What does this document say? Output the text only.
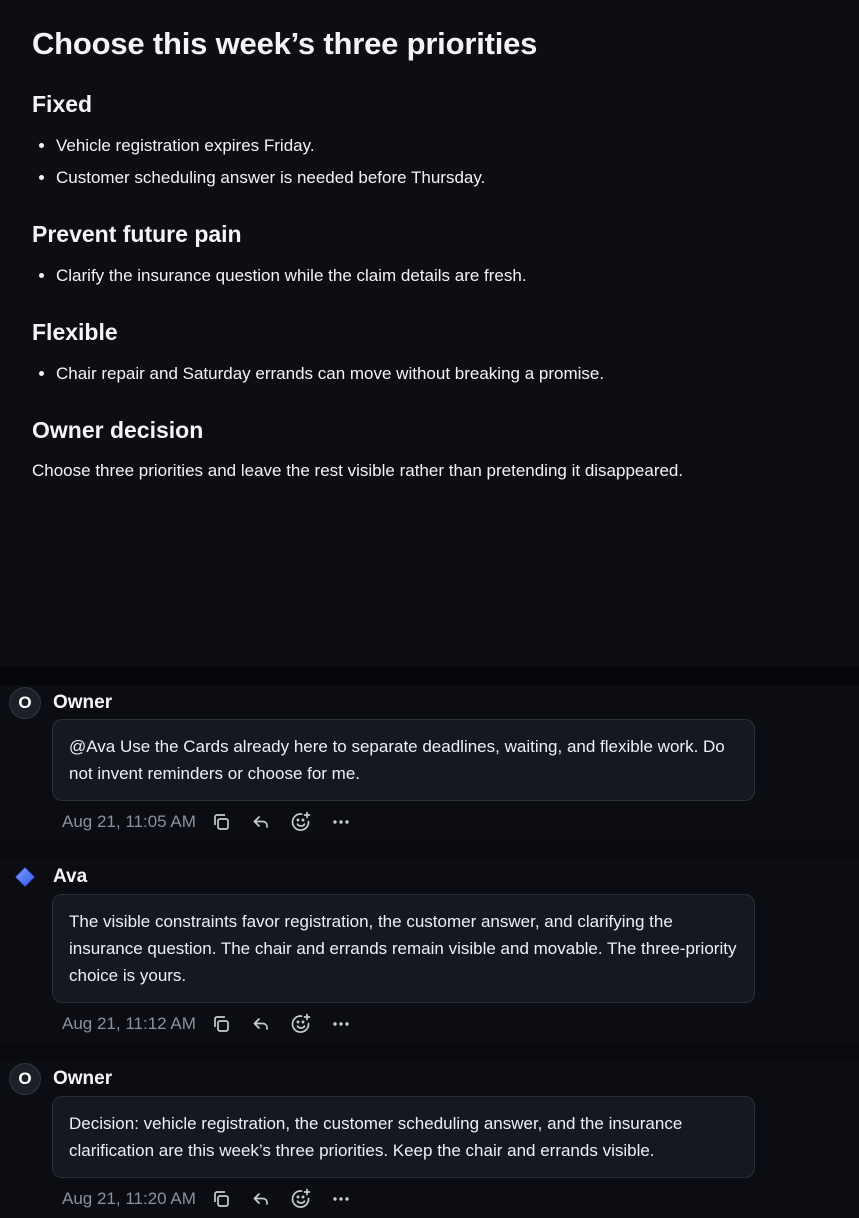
Choose this week’s three priorities
Fixed
• Vehicle registration expires Friday.
• Customer scheduling answer is needed before Thursday.
Prevent future pain
• Clarify the insurance question while the claim details are fresh.
Flexible
• Chair repair and Saturday errands can move without breaking a promise.
Owner decision

Choose three priorities and leave the rest visible rather than pretending it disappeared.

O	Owner
@Ava Use the Cards already here to separate deadlines, waiting, and flexible work. Do not invent reminders or choose for me.
Aug 21, 11:05 AM
Ava
The visible constraints favor registration, the customer answer, and clarifying the insurance question. The chair and errands remain visible and movable. The three-priority choice is yours.
Aug 21, 11:12 AM
O	Owner
Decision: vehicle registration, the customer scheduling answer, and the insurance clarification are this week’s three priorities. Keep the chair and errands visible.
Aug 21, 11:20 AM
